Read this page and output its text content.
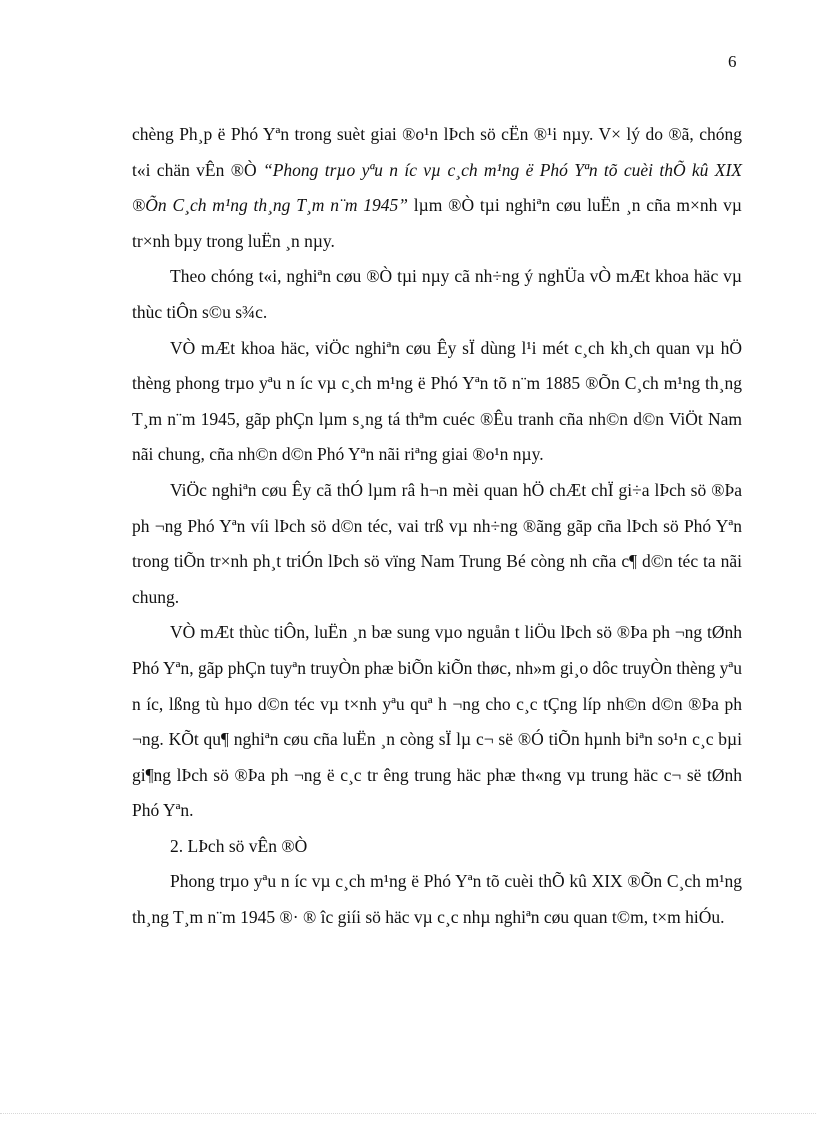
6

chèng Ph¸p ë Phó Yªn trong suèt giai ®o¹n lÞch sö cËn ®¹i nµy. V× lý do ®ã, chóng t«i chän vÊn ®Ò “Phong trµo yªu n íc vµ c¸ch m¹ng ë Phó Yªn tõ cuèi thÕ kû XIX ®Õn C¸ch m¹ng th¸ng T¸m n¨m 1945” lµm ®Ò tµi nghiªn cøu luËn ¸n cña m×nh vµ tr×nh bµy trong luËn ¸n nµy.

Theo chóng t«i, nghiªn cøu ®Ò tµi nµy cã nh÷ng ý nghÜa vÒ mÆt khoa häc vµ thùc tiÔn s©u s¾c.

VÒ mÆt khoa häc, viÖc nghiªn cøu Êy sÏ dùng l¹i mét c¸ch kh¸ch quan vµ hÖ thèng phong trµo yªu n íc vµ c¸ch m¹ng ë Phó Yªn tõ n¨m 1885 ®Õn C¸ch m¹ng th¸ng T¸m n¨m 1945, gãp phÇn lµm s¸ng tá thªm cuéc ®Êu tranh cña nh©n d©n ViÖt Nam nãi chung, cña nh©n d©n Phó Yªn nãi riªng giai ®o¹n nµy.

ViÖc nghiªn cøu Êy cã thÓ lµm râ h¬n mèi quan hÖ chÆt chÏ gi÷a lÞch sö ®Þa ph ¬ng Phó Yªn víi lÞch sö d©n téc, vai trß vµ nh÷ng ®ãng gãp cña lÞch sö Phó Yªn trong tiÕn tr×nh ph¸t triÓn lÞch sö vïng Nam Trung Bé còng nh cña c¶ d©n téc ta nãi chung.

VÒ mÆt thùc tiÔn, luËn ¸n bæ sung vµo nguån t liÖu lÞch sö ®Þa ph ¬ng tØnh Phó Yªn, gãp phÇn tuyªn truyÒn phæ biÕn kiÕn thøc, nh»m gi¸o dôc truyÒn thèng yªu n íc, lßng tù hµo d©n téc vµ t×nh yªu quª h ¬ng cho c¸c tÇng líp nh©n d©n ®Þa ph ¬ng. KÕt qu¶ nghiªn cøu cña luËn ¸n còng sÏ lµ c¬ së ®Ó tiÕn hµnh biªn so¹n c¸c bµi gi¶ng lÞch sö ®Þa ph ¬ng ë c¸c tr êng trung häc phæ th«ng vµ trung häc c¬ së tØnh Phó Yªn.

2. LÞch sö vÊn ®Ò

Phong trµo yªu n íc vµ c¸ch m¹ng ë Phó Yªn tõ cuèi thÕ kû XIX ®Õn C¸ch m¹ng th¸ng T¸m n¨m 1945 ®· ® îc giíi sö häc vµ c¸c nhµ nghiªn cøu quan t©m, t×m hiÓu.
